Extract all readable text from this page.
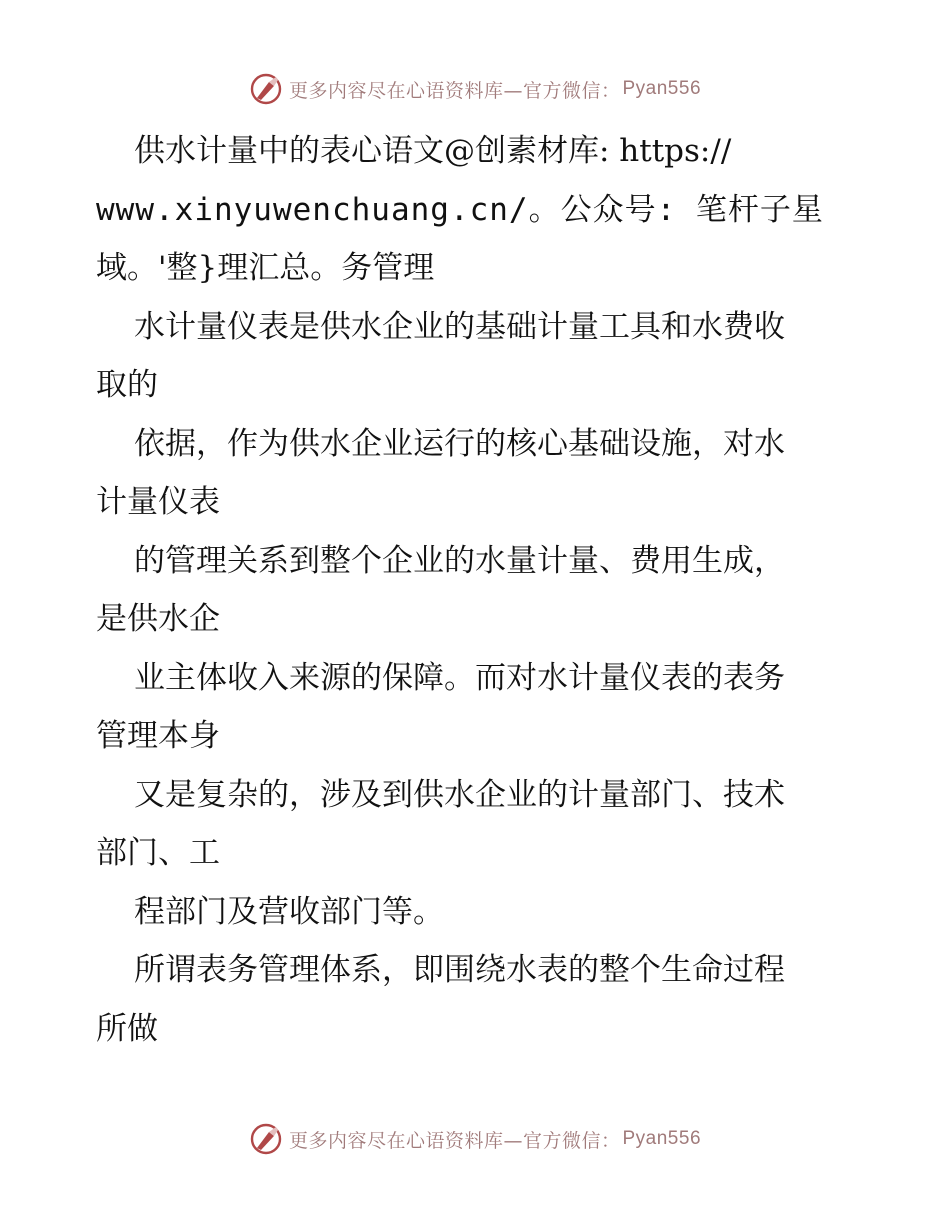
更多内容尽在心语资料库—官方微信： Pyan556
供水计量中的表心语文@创素材库: https://
www.xinyuwenchuang.cn/。公众号: 笔杆子星
域。'整}理汇总。务管理
水计量仪表是供水企业的基础计量工具和水费收
取的
依据，作为供水企业运行的核心基础设施，对水
计量仪表
的管理关系到整个企业的水量计量、费用生成，
是供水企
业主体收入来源的保障。而对水计量仪表的表务
管理本身
又是复杂的，涉及到供水企业的计量部门、技术
部门、工
程部门及营收部门等。
所谓表务管理体系，即围绕水表的整个生命过程
所做
更多内容尽在心语资料库—官方微信： Pyan556
